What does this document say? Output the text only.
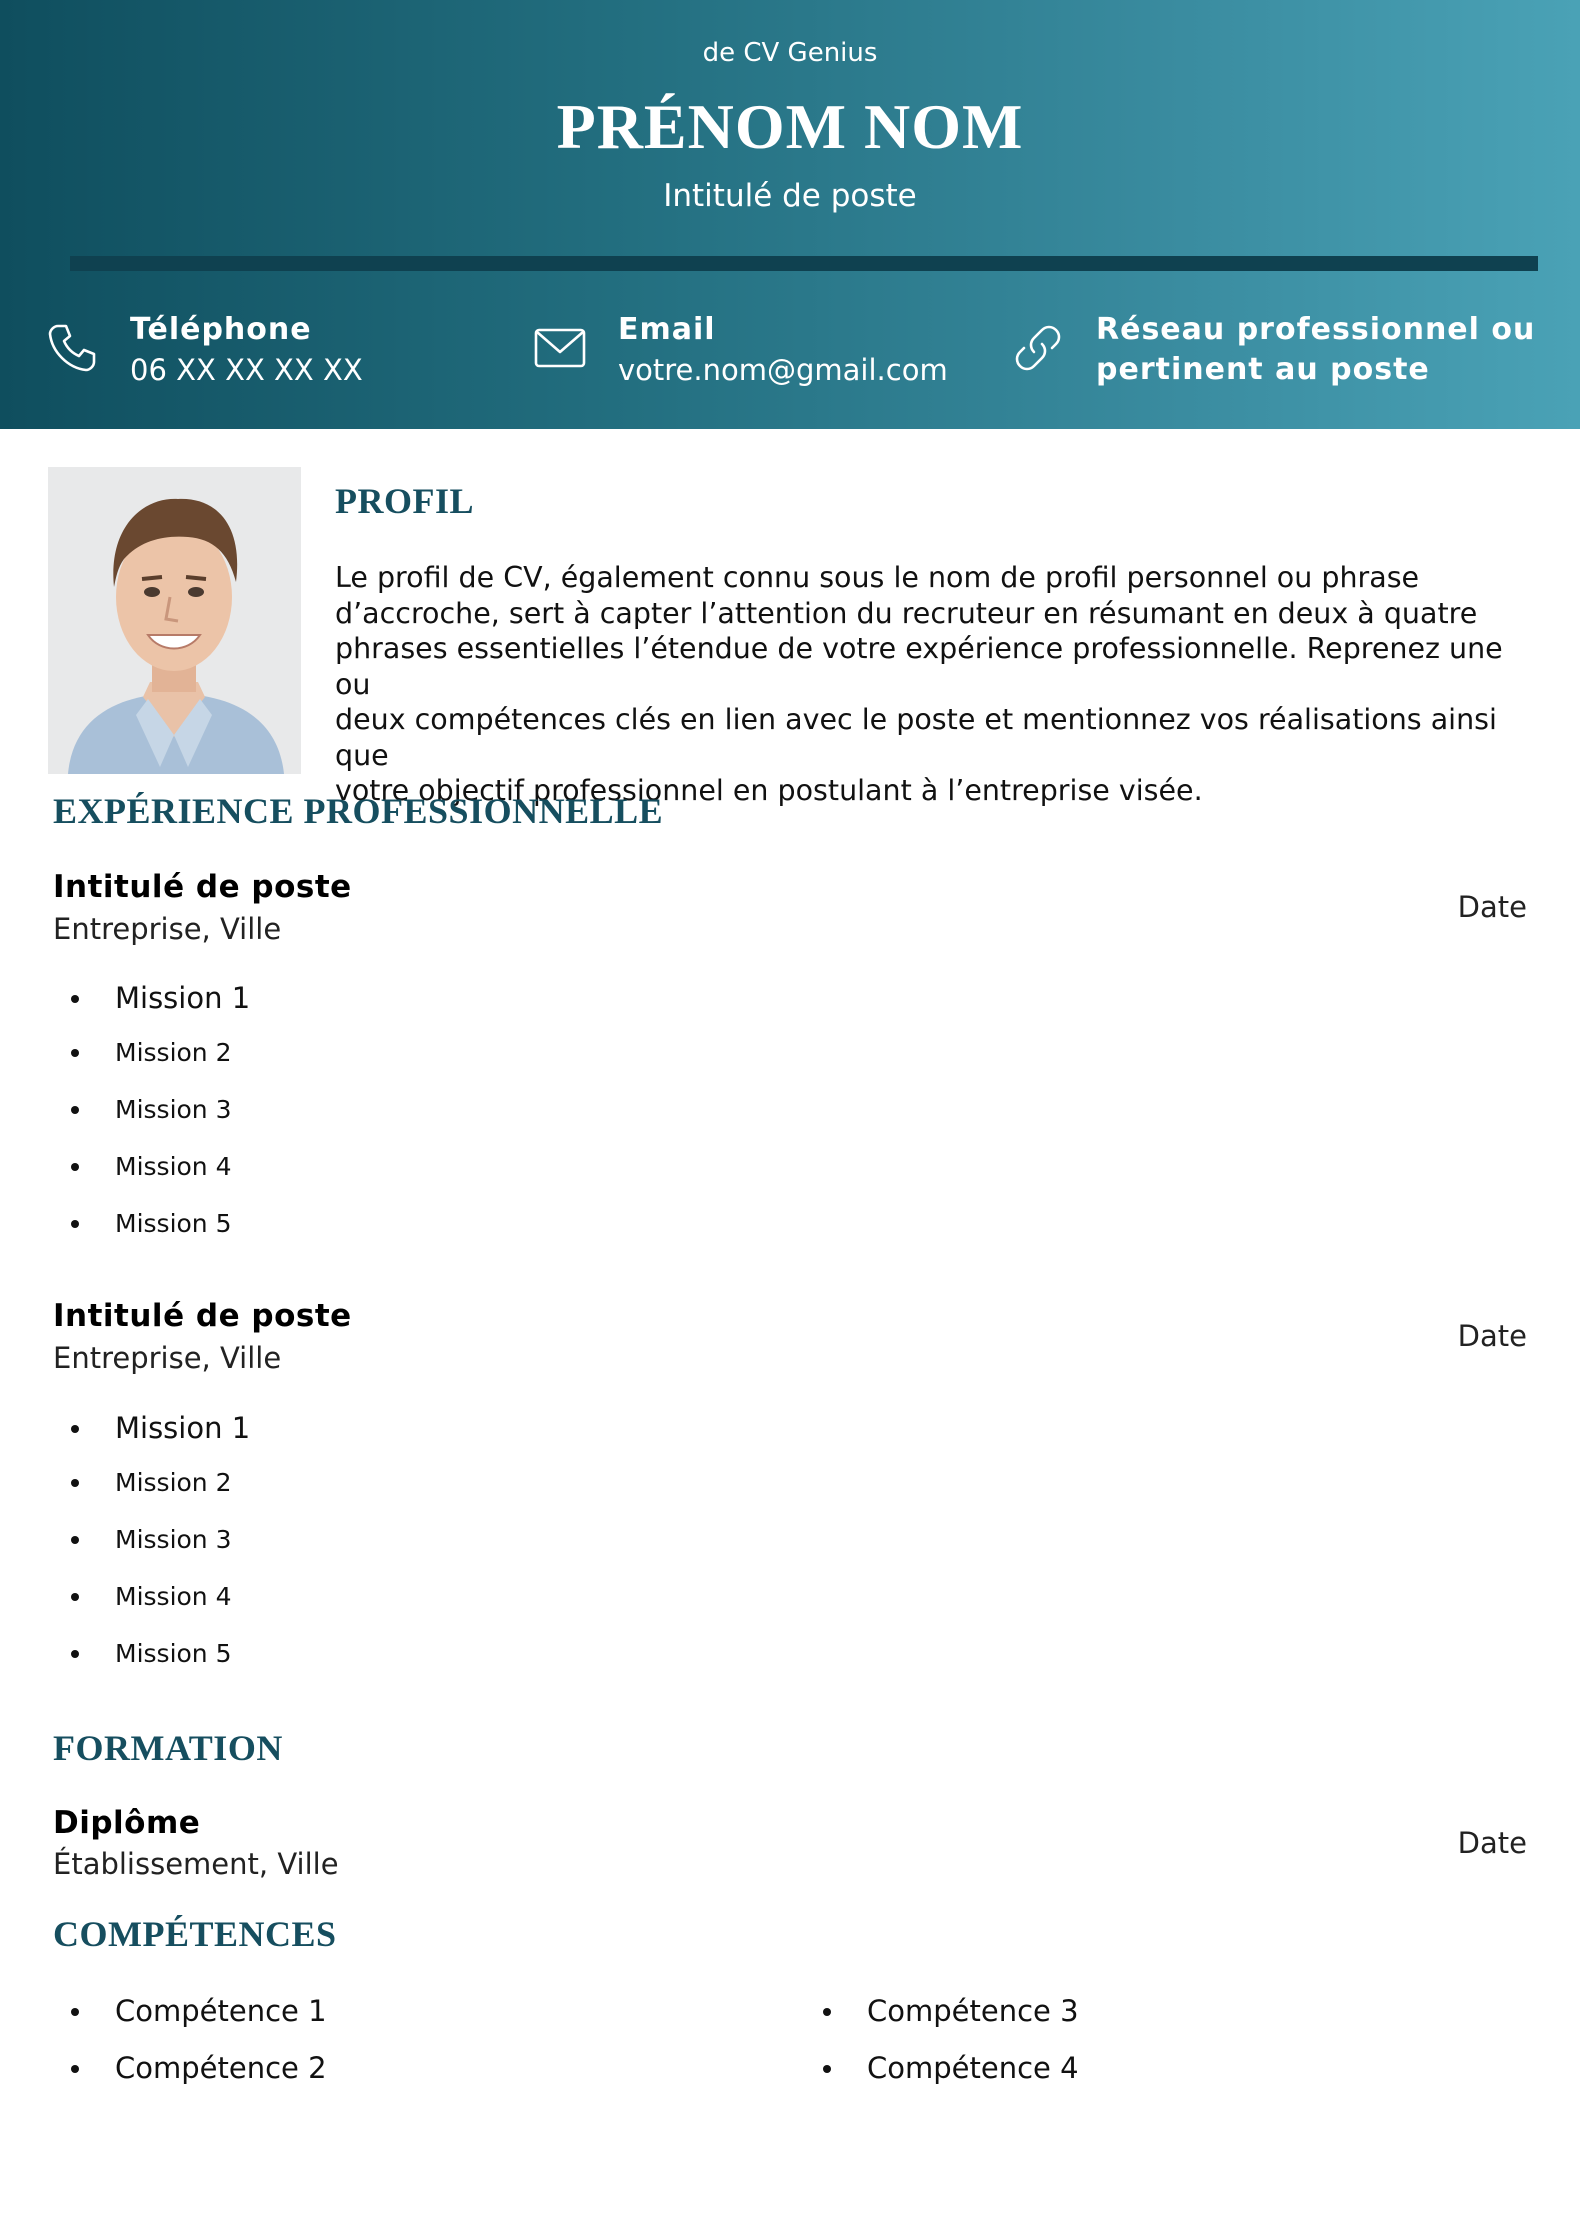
de CV Genius
PRÉNOM NOM
Intitulé de poste
Téléphone
06 XX XX XX XX
Email
votre.nom@gmail.com
Réseau professionnel ou
pertinent au poste
PROFIL
Le profil de CV, également connu sous le nom de profil personnel ou phrase
d’accroche, sert à capter l’attention du recruteur en résumant en deux à quatre
phrases essentielles l’étendue de votre expérience professionnelle. Reprenez une ou
deux compétences clés en lien avec le poste et mentionnez vos réalisations ainsi que
votre objectif professionnel en postulant à l’entreprise visée.
EXPÉRIENCE PROFESSIONNELLE
Intitulé de poste
Entreprise, Ville
Date
Mission 1
Mission 2
Mission 3
Mission 4
Mission 5
Intitulé de poste
Entreprise, Ville
Date
Mission 1
Mission 2
Mission 3
Mission 4
Mission 5
FORMATION
Diplôme
Établissement, Ville
Date
COMPÉTENCES
Compétence 1
Compétence 2
Compétence 3
Compétence 4
